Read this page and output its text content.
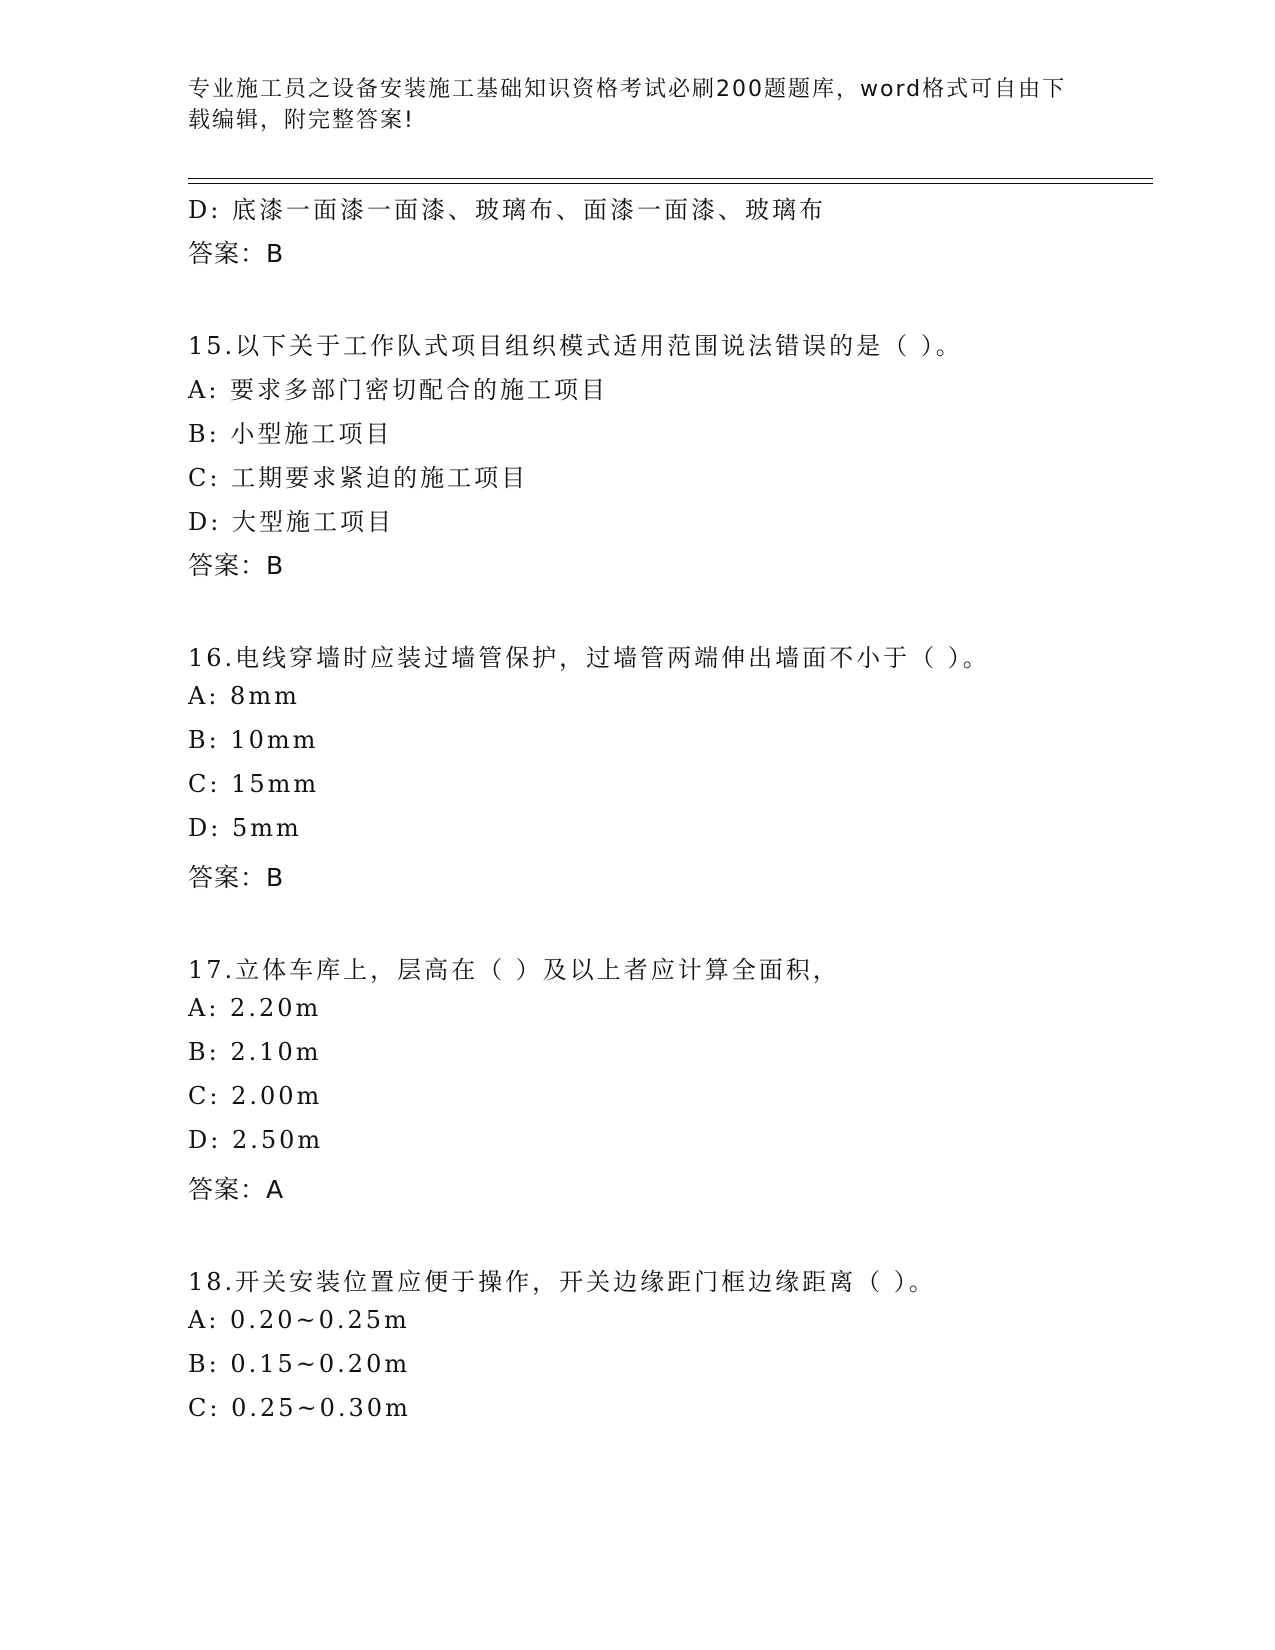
专业施工员之设备安装施工基础知识资格考试必刷200题题库，word格式可自由下载编辑，附完整答案!
D: 底漆一面漆一面漆、玻璃布、面漆一面漆、玻璃布
答案：B
15.以下关于工作队式项目组织模式适用范围说法错误的是（ ）。
A: 要求多部门密切配合的施工项目
B: 小型施工项目
C: 工期要求紧迫的施工项目
D: 大型施工项目
答案：B
16.电线穿墙时应装过墙管保护，过墙管两端伸出墙面不小于（ ）。
A: 8mm
B: 10mm
C: 15mm
D: 5mm
答案：B
17.立体车库上，层高在（ ）及以上者应计算全面积，
A: 2.20m
B: 2.10m
C: 2.00m
D: 2.50m
答案：A
18.开关安装位置应便于操作，开关边缘距门框边缘距离（ ）。
A: 0.20~0.25m
B: 0.15~0.20m
C: 0.25~0.30m
